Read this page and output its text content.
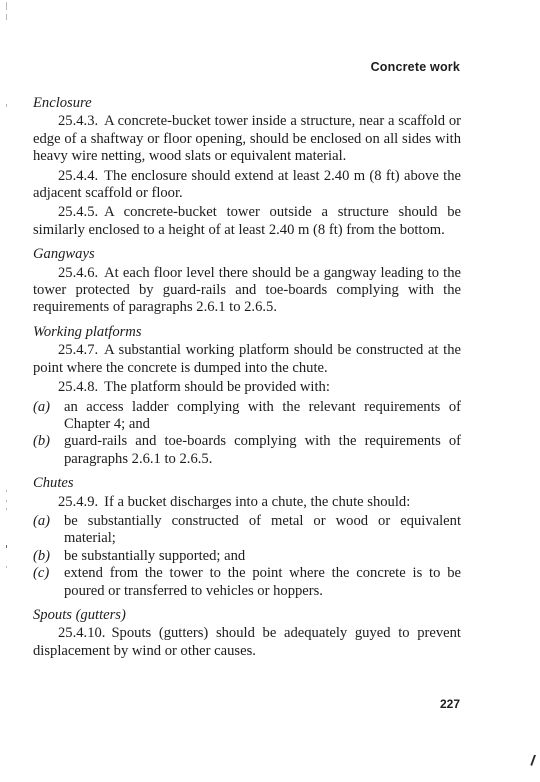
Concrete work
Enclosure

25.4.3. A concrete-bucket tower inside a structure, near a scaffold or edge of a shaftway or floor opening, should be enclosed on all sides with heavy wire netting, wood slats or equivalent material.

25.4.4. The enclosure should extend at least 2.40 m (8 ft) above the adjacent scaffold or floor.

25.4.5. A concrete-bucket tower outside a structure should be similarly enclosed to a height of at least 2.40 m (8 ft) from the bottom.

Gangways

25.4.6. At each floor level there should be a gangway leading to the tower protected by guard-rails and toe-boards complying with the requirements of paragraphs 2.6.1 to 2.6.5.

Working platforms

25.4.7. A substantial working platform should be constructed at the point where the concrete is dumped into the chute.

25.4.8. The platform should be provided with:

(a) an access ladder complying with the relevant requirements of Chapter 4; and

(b) guard-rails and toe-boards complying with the requirements of paragraphs 2.6.1 to 2.6.5.

Chutes

25.4.9. If a bucket discharges into a chute, the chute should:

(a) be substantially constructed of metal or wood or equivalent material;

(b) be substantially supported; and

(c) extend from the tower to the point where the concrete is to be poured or transferred to vehicles or hoppers.

Spouts (gutters)

25.4.10. Spouts (gutters) should be adequately guyed to prevent displacement by wind or other causes.

227
